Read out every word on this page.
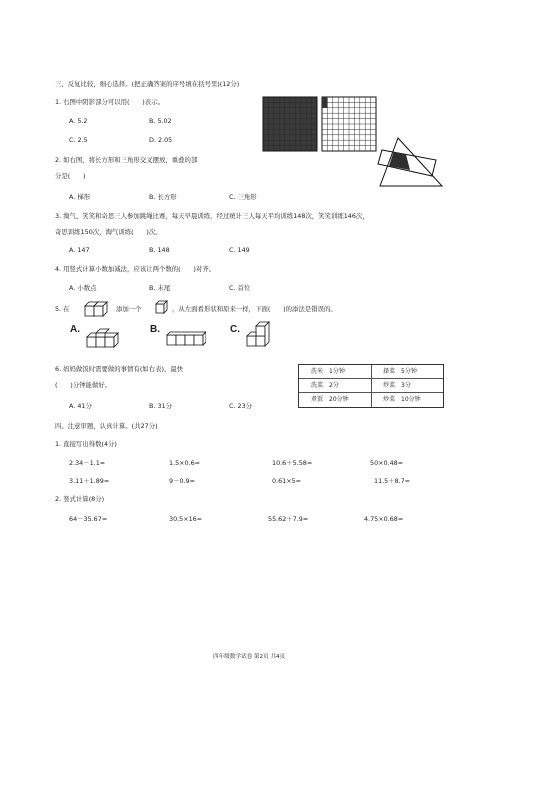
三、反复比较，细心选择。(把正确答案的序号填在括号里)(12分)
1. 右图中阴影部分可以用(　　)表示。
A. 5.2	B. 5.02
C. 2.5	D. 2.05
2. 如右图，将长方形和三角形交叉摆放，重叠的部
分是(　　)
A. 梯形	B. 长方形	C. 三角形
3. 淘气、笑笑和奇思三人参加跳绳比赛，每天早晨训练，经过统计三人每天平均训练148次，笑笑训练146次，
奇思训练150次，淘气训练(　　)次。
A. 147	B. 148	C. 149
4. 用竖式计算小数加减法，应该让两个数的(　　)对齐。
A. 小数点	B. 末尾	C. 首位
5. 在	添加一个	，从左面看形状和原来一样，下面(　　)的添法是错误的。
A.	B.	C.
6. 妈妈做饭时需要做的事情有(如右表)，最快
(　　)分钟能做好。
A. 41分	B. 31分	C. 23分
洗米　1分钟	择菜　5分钟
洗菜　2分	炒菜　3分
煮饭　20分钟	炒菜　10分钟
四、注意审题，认真计算。(共27分)
1. 直接写出得数(4分)
2.34－1.1=	1.5×0.6=	10.6＋5.58=	50×0.48=
3.11＋1.89=	9－0.9=	0.61×5=	11.5＋8.7=
2. 竖式计算(8分)
64－35.67=	30.5×16=	55.62＋7.9=	4.75×0.68=
四年级数学试卷 第2页 共4页
